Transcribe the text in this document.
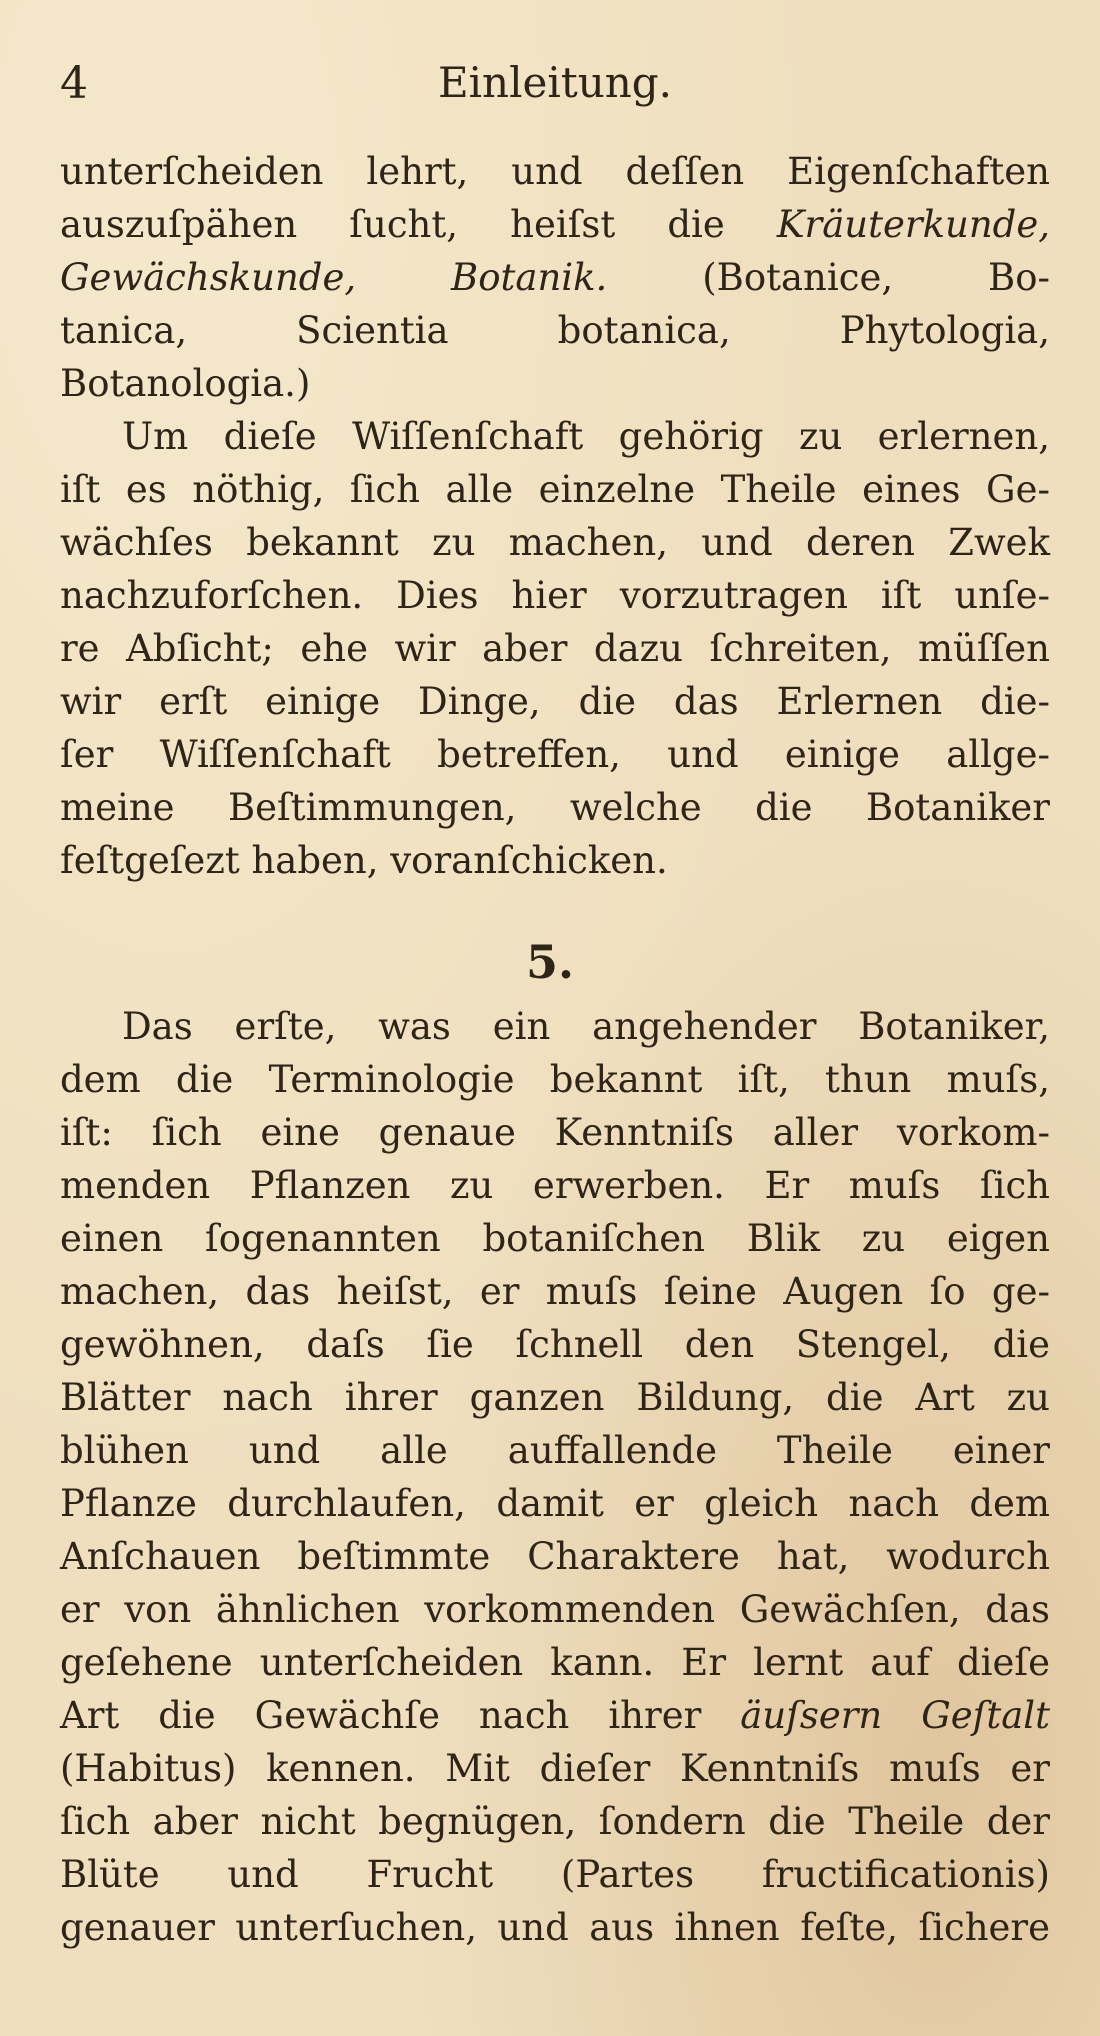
4	Einleitung.
unterſcheiden lehrt, und deſſen Eigenſchaften
auszuſpähen ſucht, heiſst die Kräuterkunde,
Gewächskunde, Botanik. (Botanice, Bo-
tanica, Scientia botanica, Phytologia,
Botanologia.)
Um dieſe Wiſſenſchaft gehörig zu erlernen,
iſt es nöthig, ſich alle einzelne Theile eines Ge-
wächſes bekannt zu machen, und deren Zwek
nachzuforſchen. Dies hier vorzutragen iſt unſe-
re Abſicht; ehe wir aber dazu ſchreiten, müſſen
wir erſt einige Dinge, die das Erlernen die-
ſer Wiſſenſchaft betreffen, und einige allge-
meine Beſtimmungen, welche die Botaniker
feſtgeſezt haben, voranſchicken.
5.
Das erſte, was ein angehender Botaniker,
dem die Terminologie bekannt iſt, thun muſs,
iſt: ſich eine genaue Kenntniſs aller vorkom-
menden Pflanzen zu erwerben. Er muſs ſich
einen ſogenannten botaniſchen Blik zu eigen
machen, das heiſst, er muſs ſeine Augen ſo ge-
gewöhnen, daſs ſie ſchnell den Stengel, die
Blätter nach ihrer ganzen Bildung, die Art zu
blühen und alle auffallende Theile einer
Pflanze durchlaufen, damit er gleich nach dem
Anſchauen beſtimmte Charaktere hat, wodurch
er von ähnlichen vorkommenden Gewächſen, das
geſehene unterſcheiden kann. Er lernt auf dieſe
Art die Gewächſe nach ihrer äuſsern Geſtalt
(Habitus) kennen. Mit dieſer Kenntniſs muſs er
ſich aber nicht begnügen, ſondern die Theile der
Blüte und Frucht (Partes fructificationis)
genauer unterſuchen, und aus ihnen feſte, ſichere
